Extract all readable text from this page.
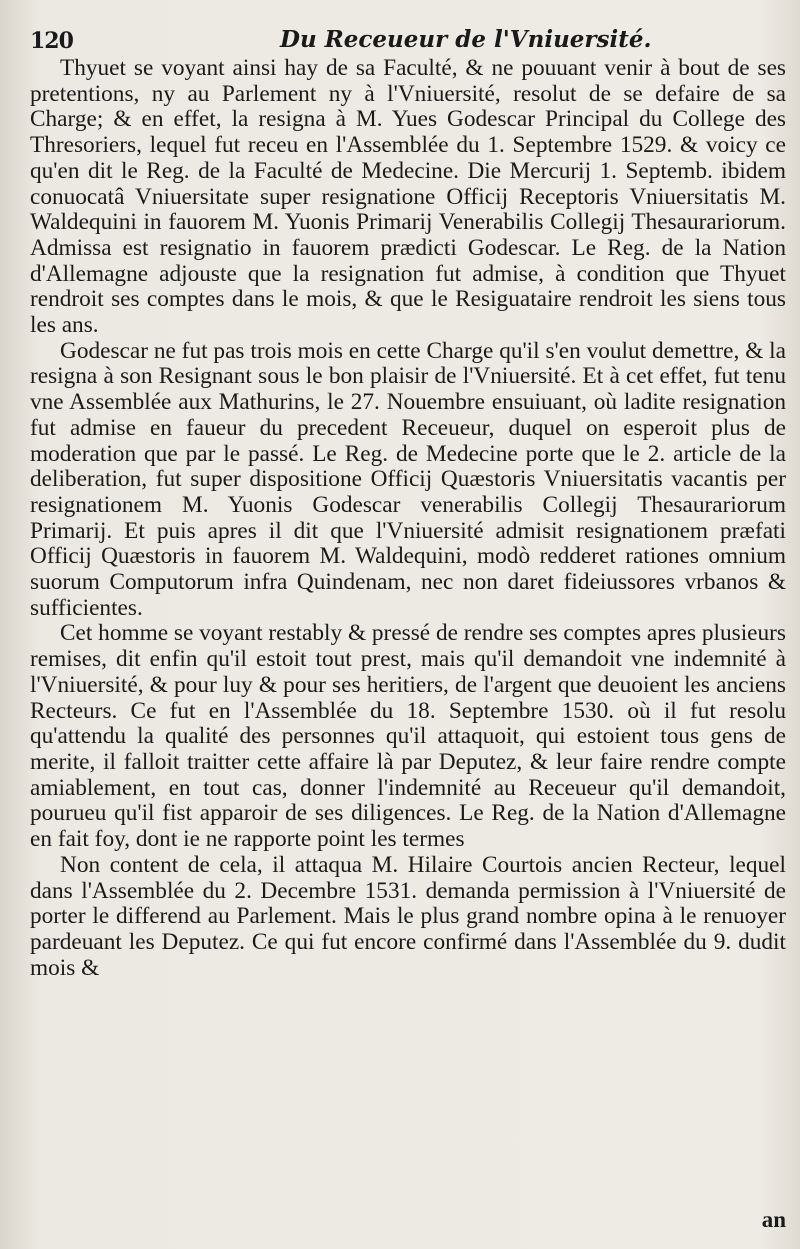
120	Du Receueur de l'Vniuersité.

Thyuet se voyant ainsi hay de sa Faculté, & ne pouuant venir à bout de ses pretentions, ny au Parlement ny à l'Vniuersité, resolut de se defaire de sa Charge; & en effet, la resigna à M. Yues Godescar Principal du College des Thresoriers, lequel fut receu en l'Assemblée du 1. Septembre 1529. & voicy ce qu'en dit le Reg. de la Faculté de Medecine. Die Mercurij 1. Septemb. ibidem conuocatâ Vniuersitate super resignatione Officij Receptoris Vniuersitatis M. Waldequini in fauorem M. Yuonis Primarij Venerabilis Collegij Thesaurariorum. Admissa est resignatio in fauorem prædicti Godescar. Le Reg. de la Nation d'Allemagne adjouste que la resignation fut admise, à condition que Thyuet rendroit ses comptes dans le mois, & que le Resiguataire rendroit les siens tous les ans.

Godescar ne fut pas trois mois en cette Charge qu'il s'en voulut demettre, & la resigna à son Resignant sous le bon plaisir de l'Vniuersité. Et à cet effet, fut tenu vne Assemblée aux Mathurins, le 27. Nouembre ensuiuant, où ladite resignation fut admise en faueur du precedent Receueur, duquel on esperoit plus de moderation que par le passé. Le Reg. de Medecine porte que le 2. article de la deliberation, fut super dispositione Officij Quæstoris Vniuersitatis vacantis per resignationem M. Yuonis Godescar venerabilis Collegij Thesaurariorum Primarij. Et puis apres il dit que l'Vniuersité admisit resignationem præfati Officij Quæstoris in fauorem M. Waldequini, modò redderet rationes omnium suorum Computorum infra Quindenam, nec non daret fideiussores vrbanos & sufficientes.

Cet homme se voyant restably & pressé de rendre ses comptes apres plusieurs remises, dit enfin qu'il estoit tout prest, mais qu'il demandoit vne indemnité à l'Vniuersité, & pour luy & pour ses heritiers, de l'argent que deuoient les anciens Recteurs. Ce fut en l'Assemblée du 18. Septembre 1530. où il fut resolu qu'attendu la qualité des personnes qu'il attaquoit, qui estoient tous gens de merite, il falloit traitter cette affaire là par Deputez, & leur faire rendre compte amiablement, en tout cas, donner l'indemnité au Receueur qu'il demandoit, pourueu qu'il fist apparoir de ses diligences. Le Reg. de la Nation d'Allemagne en fait foy, dont ie ne rapporte point les termes

Non content de cela, il attaqua M. Hilaire Courtois ancien Recteur, lequel dans l'Assemblée du 2. Decembre 1531. demanda permission à l'Vniuersité de porter le differend au Parlement. Mais le plus grand nombre opina à le renuoyer pardeuant les Deputez. Ce qui fut encore confirmé dans l'Assemblée du 9. dudit mois &

an
